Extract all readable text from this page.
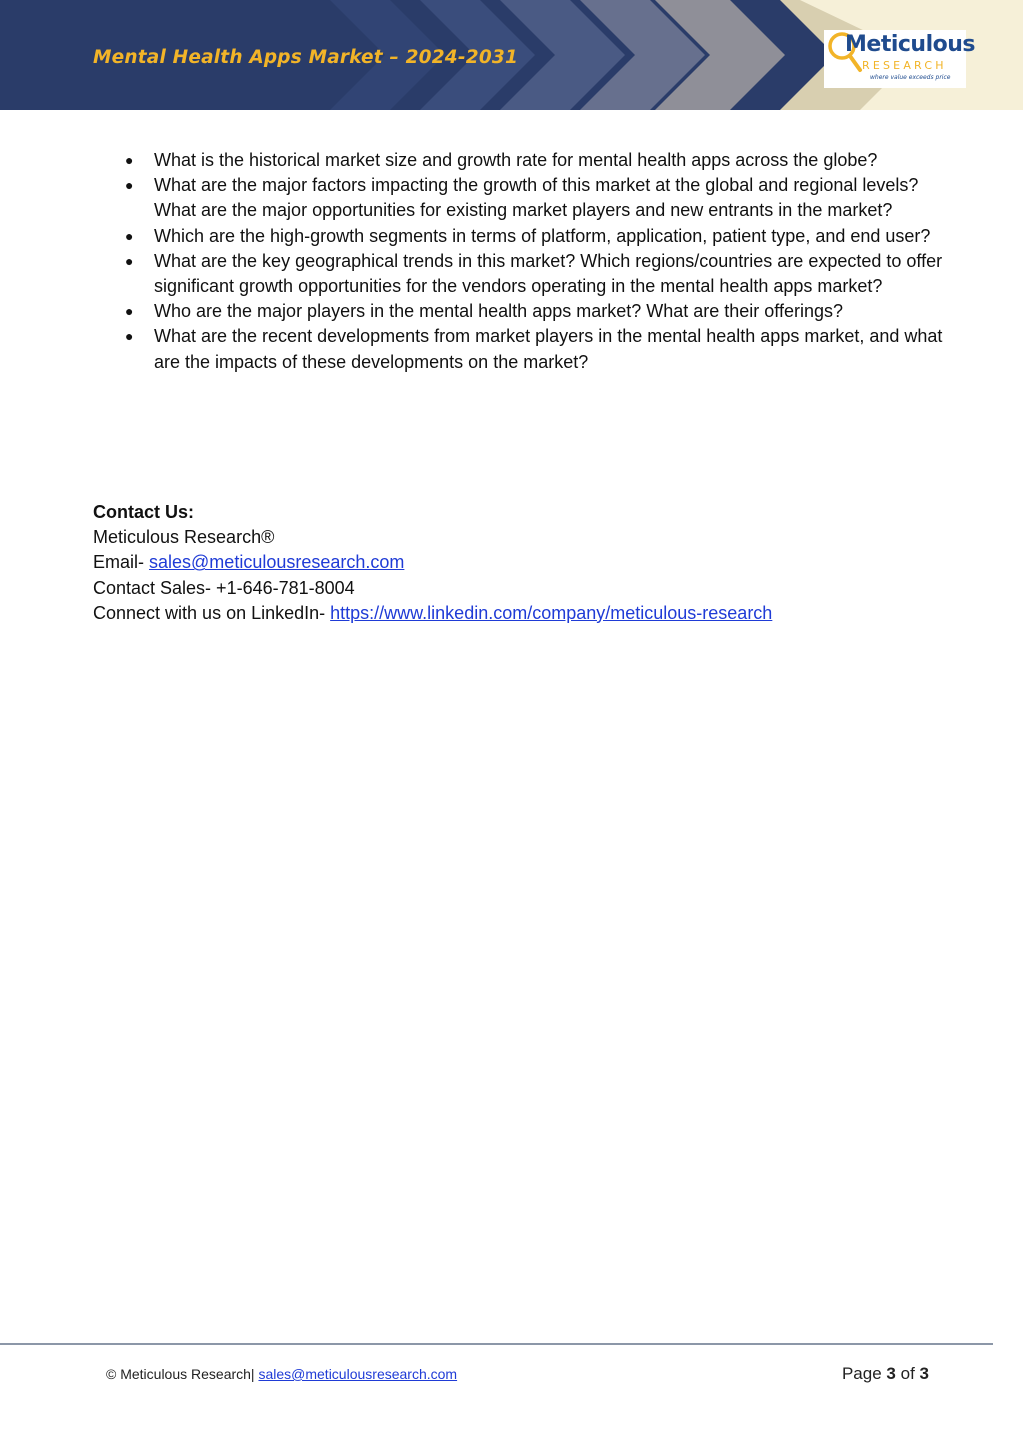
Mental Health Apps Market – 2024-2031
Meticulous
RESEARCH
where value exceeds price
● What is the historical market size and growth rate for mental health apps across the globe?
● What are the major factors impacting the growth of this market at the global and regional levels? What are the major opportunities for existing market players and new entrants in the market?
● Which are the high-growth segments in terms of platform, application, patient type, and end user?
● What are the key geographical trends in this market? Which regions/countries are expected to offer significant growth opportunities for the vendors operating in the mental health apps market?
● Who are the major players in the mental health apps market? What are their offerings?
● What are the recent developments from market players in the mental health apps market, and what are the impacts of these developments on the market?
Contact Us:
Meticulous Research®
Email- sales@meticulousresearch.com
Contact Sales- +1-646-781-8004
Connect with us on LinkedIn- https://www.linkedin.com/company/meticulous-research
© Meticulous Research| sales@meticulousresearch.com	Page 3 of 3
